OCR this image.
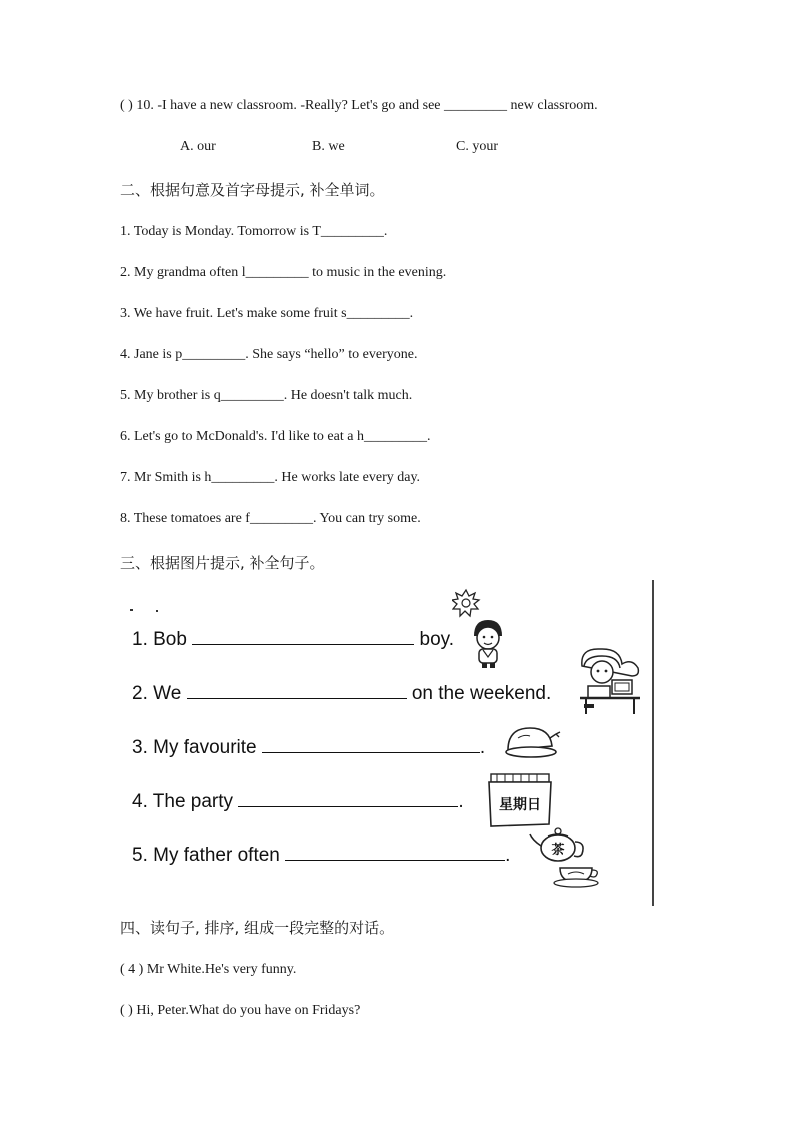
( ) 10. -I have a new classroom. -Really? Let's go and see _________ new classroom.
A. our	B. we	C. your
二、根据句意及首字母提示, 补全单词。
1. Today is Monday. Tomorrow is T_________.
2. My grandma often l_________ to music in the evening.
3. We have fruit. Let's make some fruit s_________.
4. Jane is p_________. She says “hello” to everyone.
5. My brother is q_________. He doesn't talk much.
6. Let's go to McDonald's. I'd like to eat a h_________.
7. Mr Smith is h_________. He works late every day.
8. These tomatoes are f_________. You can try some.
三、根据图片提示, 补全句子。
1. Bob	boy.
2. We	on the weekend.
3. My favourite	.
4. The party	.
5. My father often	.
星期日
茶
四、读句子, 排序, 组成一段完整的对话。
( 4 ) Mr White.He's very funny.
( ) Hi, Peter.What do you have on Fridays?
